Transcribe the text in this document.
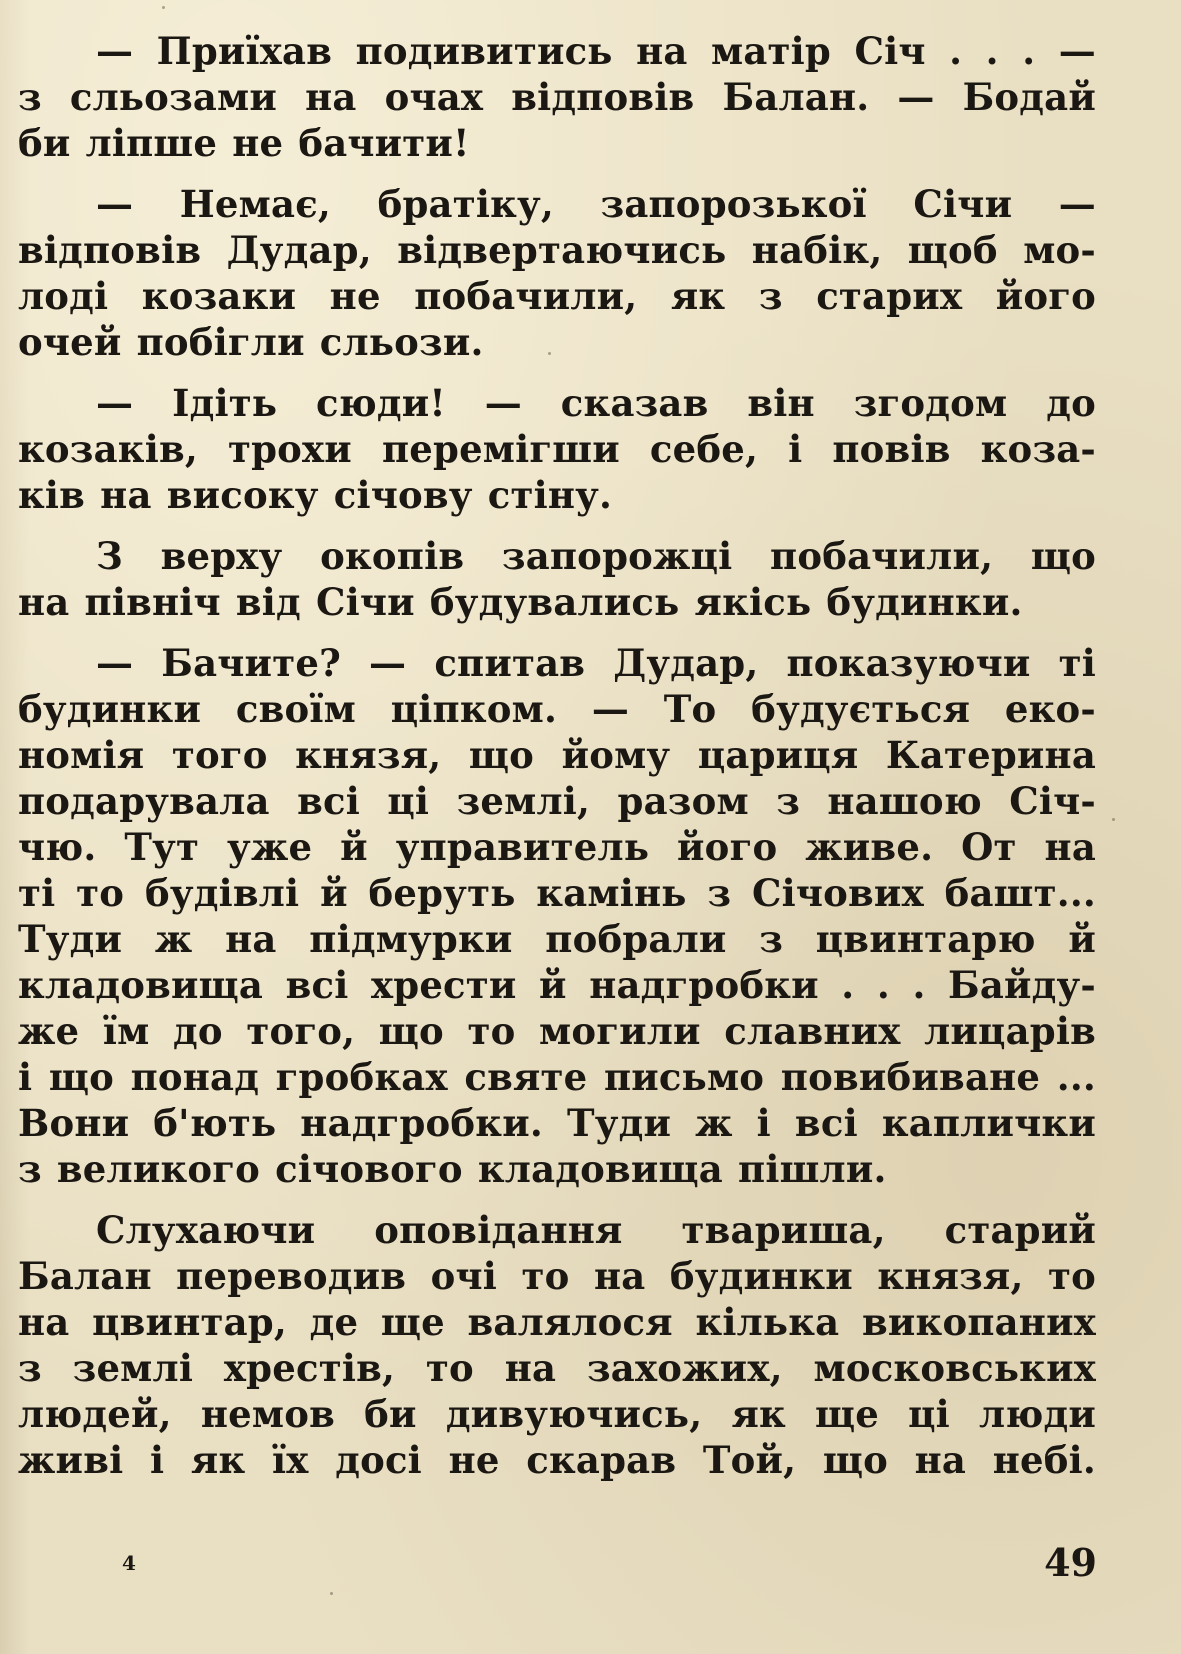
— Приїхав подивитись на матір Січ . . . —
з сльозами на очах відповів Балан. — Бодай
би ліпше не бачити!
— Немає, братіку, запорозької Січи —
відповів Дудар, відвертаючись набік, щоб мо-
лоді козаки не побачили, як з старих його
очей побігли сльози.
— Ідіть сюди! — сказав він згодом до
козаків, трохи перемігши себе, і повів коза-
ків на високу січову стіну.
З верху окопів запорожці побачили, що
на північ від Січи будувались якісь будинки.
— Бачите? — спитав Дудар, показуючи ті
будинки своїм ціпком. — То будується еко-
номія того князя, що йому цариця Катерина
подарувала всі ці землі, разом з нашою Січ-
чю. Тут уже й управитель його живе. От на
ті то будівлі й беруть камінь з Січових башт...
Туди ж на підмурки побрали з цвинтарю й
кладовища всі хрести й надгробки . . . Байду-
же їм до того, що то могили славних лицарів
і що понад гробках святе письмо повибиване ...
Вони б'ють надгробки. Туди ж і всі каплички
з великого січового кладовища пішли.
Слухаючи оповідання твариша, старий
Балан переводив очі то на будинки князя, то
на цвинтар, де ще валялося кілька викопаних
з землі хрестів, то на захожих, московських
людей, немов би дивуючись, як ще ці люди
живі і як їх досі не скарав Той, що на небі.
4	49
